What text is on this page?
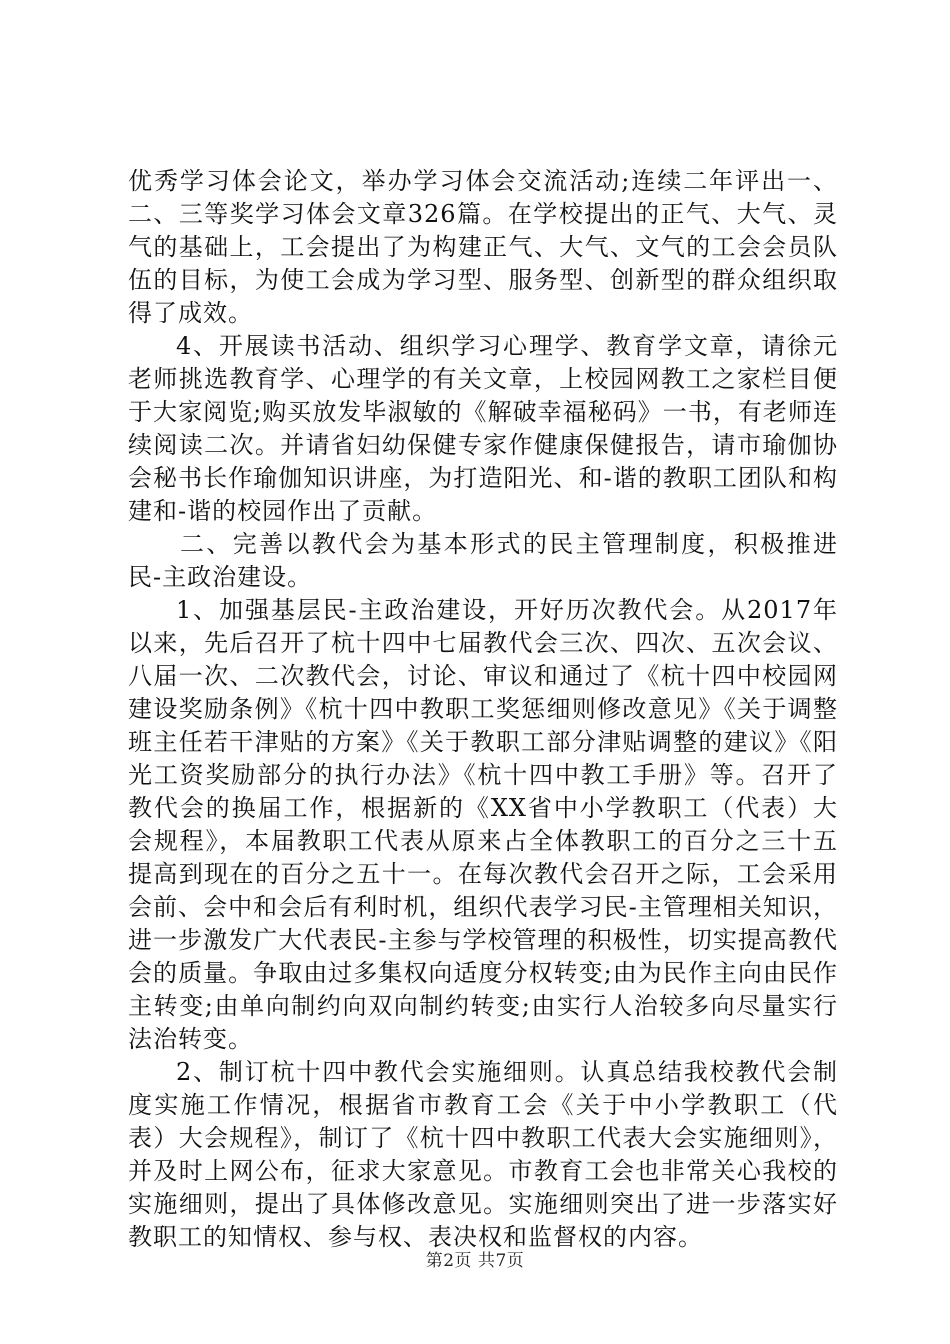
优秀学习体会论文，举办学习体会交流活动;连续二年评出一、二、三等奖学习体会文章326篇。在学校提出的正气、大气、灵气的基础上，工会提出了为构建正气、大气、文气的工会会员队伍的目标，为使工会成为学习型、服务型、创新型的群众组织取得了成效。

4、开展读书活动、组织学习心理学、教育学文章，请徐元老师挑选教育学、心理学的有关文章，上校园网教工之家栏目便于大家阅览;购买放发毕淑敏的《解破幸福秘码》一书，有老师连续阅读二次。并请省妇幼保健专家作健康保健报告，请市瑜伽协会秘书长作瑜伽知识讲座，为打造阳光、和-谐的教职工团队和构建和-谐的校园作出了贡献。

二、完善以教代会为基本形式的民主管理制度，积极推进民-主政治建设。

1、加强基层民-主政治建设，开好历次教代会。从2017年以来，先后召开了杭十四中七届教代会三次、四次、五次会议、八届一次、二次教代会，讨论、审议和通过了《杭十四中校园网建设奖励条例》《杭十四中教职工奖惩细则修改意见》《关于调整班主任若干津贴的方案》《关于教职工部分津贴调整的建议》《阳光工资奖励部分的执行办法》《杭十四中教工手册》等。召开了教代会的换届工作，根据新的《XX省中小学教职工（代表）大会规程》，本届教职工代表从原来占全体教职工的百分之三十五提高到现在的百分之五十一。在每次教代会召开之际，工会采用会前、会中和会后有利时机，组织代表学习民-主管理相关知识，进一步激发广大代表民-主参与学校管理的积极性，切实提高教代会的质量。争取由过多集权向适度分权转变;由为民作主向由民作主转变;由单向制约向双向制约转变;由实行人治较多向尽量实行法治转变。

2、制订杭十四中教代会实施细则。认真总结我校教代会制度实施工作情况，根据省市教育工会《关于中小学教职工（代表）大会规程》，制订了《杭十四中教职工代表大会实施细则》，并及时上网公布，征求大家意见。市教育工会也非常关心我校的实施细则，提出了具体修改意见。实施细则突出了进一步落实好教职工的知情权、参与权、表决权和监督权的内容。

第2页 共7页
